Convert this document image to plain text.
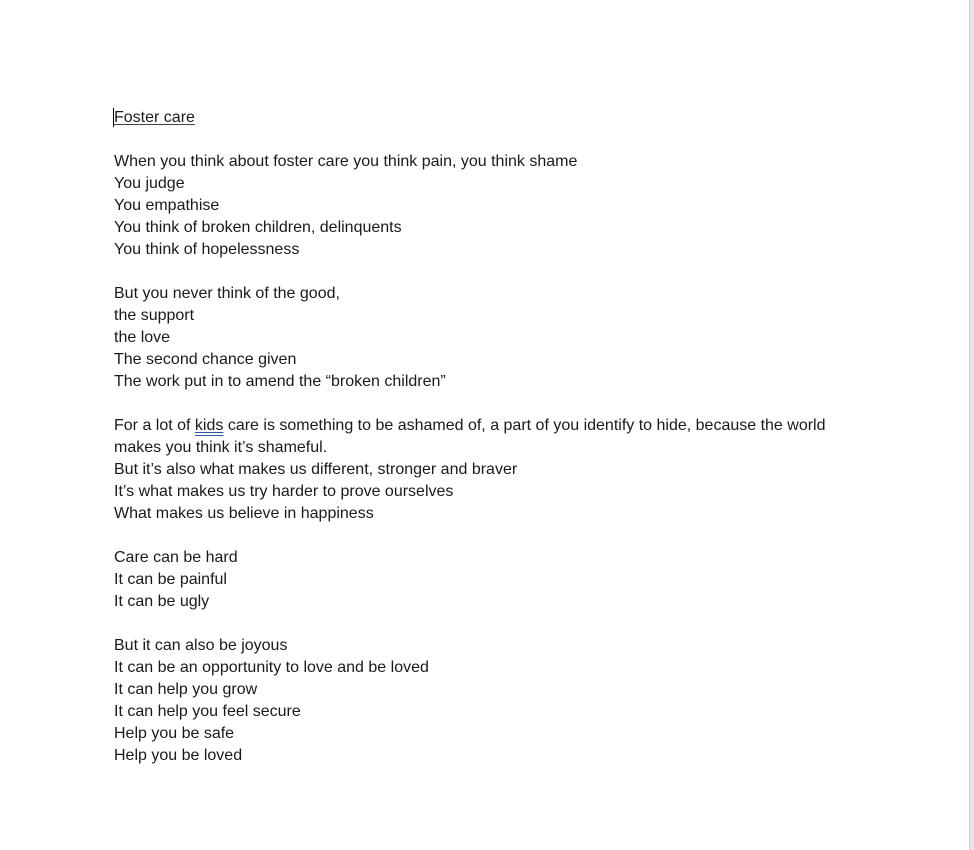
Foster care
When you think about foster care you think pain, you think shame
You judge
You empathise
You think of broken children, delinquents
You think of hopelessness
But you never think of the good,
the support
the love
The second chance given
The work put in to amend the “broken children”
For a lot of kids care is something to be ashamed of, a part of you identify to hide, because the world makes you think it’s shameful.
But it’s also what makes us different, stronger and braver
It’s what makes us try harder to prove ourselves
What makes us believe in happiness
Care can be hard
It can be painful
It can be ugly
But it can also be joyous
It can be an opportunity to love and be loved
It can help you grow
It can help you feel secure
Help you be safe
Help you be loved
